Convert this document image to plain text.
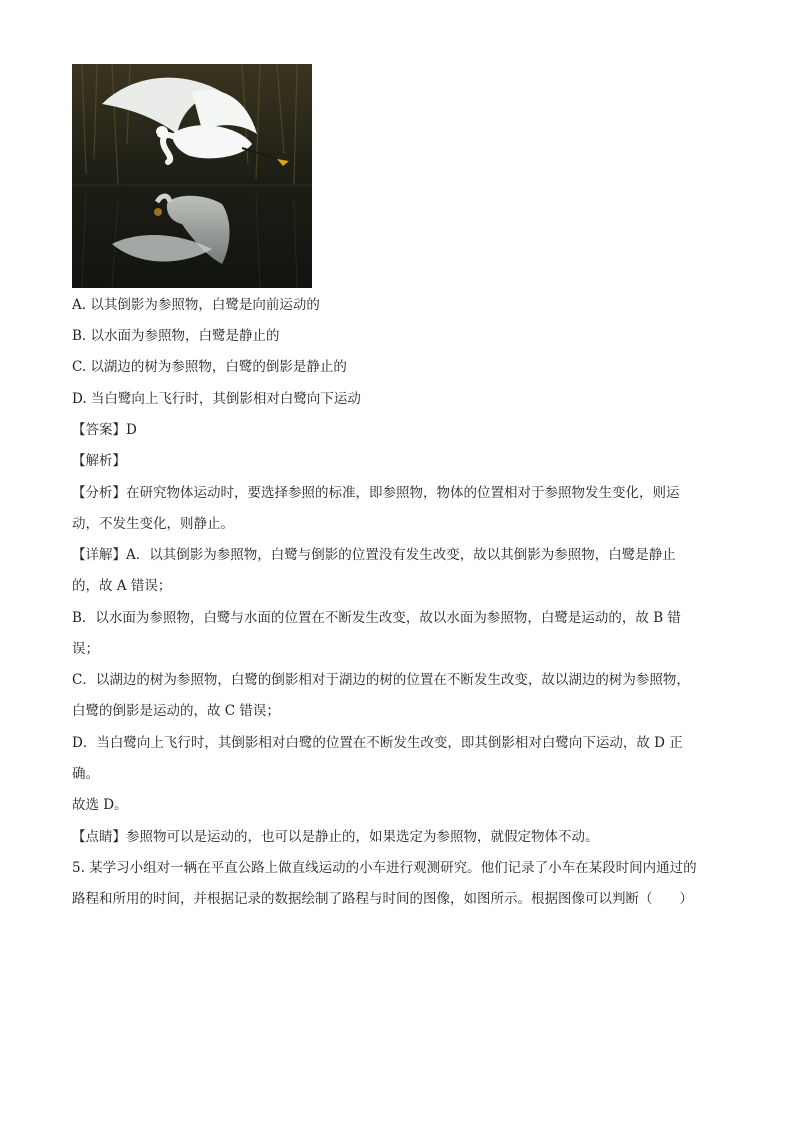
A. 以其倒影为参照物，白鹭是向前运动的
B. 以水面为参照物，白鹭是静止的
C. 以湖边的树为参照物，白鹭的倒影是静止的
D. 当白鹭向上飞行时，其倒影相对白鹭向下运动
【答案】D
【解析】
【分析】在研究物体运动时，要选择参照的标准，即参照物，物体的位置相对于参照物发生变化，则运
动，不发生变化，则静止。
【详解】A．以其倒影为参照物，白鹭与倒影的位置没有发生改变，故以其倒影为参照物，白鹭是静止
的，故 A 错误；
B．以水面为参照物，白鹭与水面的位置在不断发生改变，故以水面为参照物，白鹭是运动的，故 B 错
误；
C．以湖边的树为参照物，白鹭的倒影相对于湖边的树的位置在不断发生改变，故以湖边的树为参照物，
白鹭的倒影是运动的，故 C 错误；
D．当白鹭向上飞行时，其倒影相对白鹭的位置在不断发生改变，即其倒影相对白鹭向下运动，故 D 正
确。
故选 D。
【点睛】参照物可以是运动的，也可以是静止的，如果选定为参照物，就假定物体不动。
5. 某学习小组对一辆在平直公路上做直线运动的小车进行观测研究。他们记录了小车在某段时间内通过的
路程和所用的时间，并根据记录的数据绘制了路程与时间的图像，如图所示。根据图像可以判断（　　）
